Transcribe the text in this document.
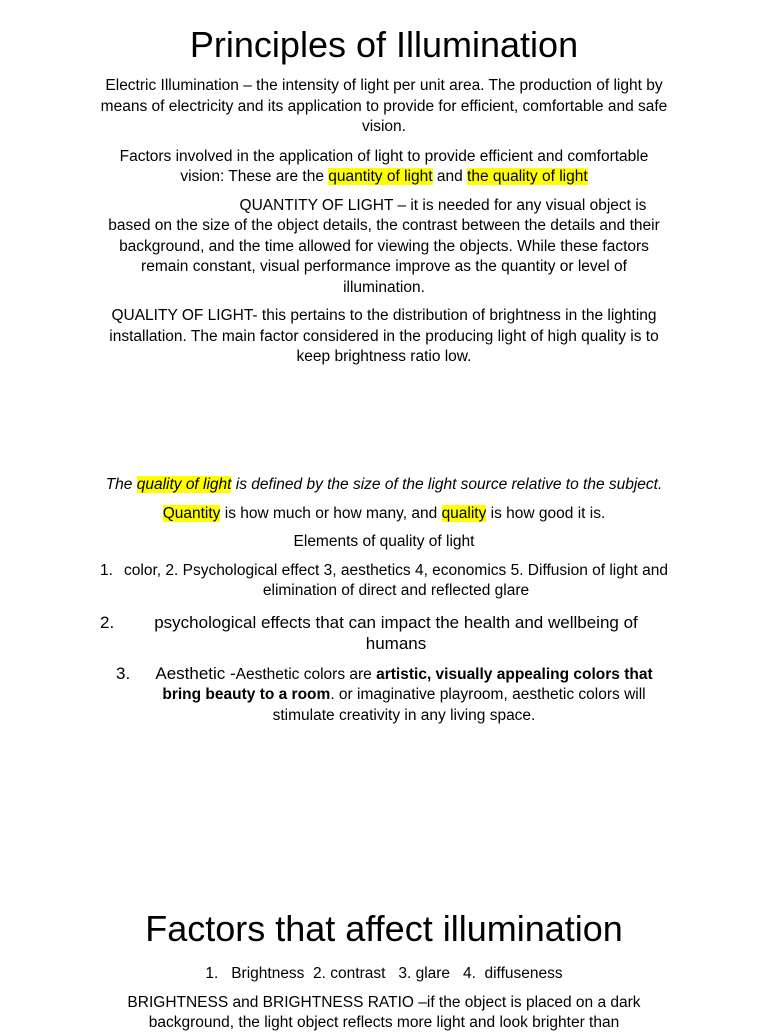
Principles of Illumination

Electric Illumination – the intensity of light per unit area. The production of light by means of electricity and its application to provide for efficient, comfortable and safe vision.

Factors involved in the application of light to provide efficient and comfortable vision: These are the quantity of light and the quality of light

QUANTITY OF LIGHT – it is needed for any visual object is based on the size of the object details, the contrast between the details and their background, and the time allowed for viewing the objects. While these factors remain constant, visual performance improve as the quantity or level of illumination.

QUALITY OF LIGHT- this pertains to the distribution of brightness in the lighting installation. The main factor considered in the producing light of high quality is to keep brightness ratio low.

The quality of light is defined by the size of the light source relative to the subject.

Quantity is how much or how many, and quality is how good it is.

Elements of quality of light

1. color, 2. Psychological effect 3, aesthetics 4, economics 5. Diffusion of light and elimination of direct and reflected glare
2. psychological effects that can impact the health and wellbeing of humans
3. Aesthetic -Aesthetic colors are artistic, visually appealing colors that bring beauty to a room. or imaginative playroom, aesthetic colors will stimulate creativity in any living space.
Factors that affect illumination

1.   Brightness  2. contrast   3. glare   4.  diffuseness

BRIGHTNESS and BRIGHTNESS RATIO –if the object is placed on a dark background, the light object reflects more light and look brighter than
